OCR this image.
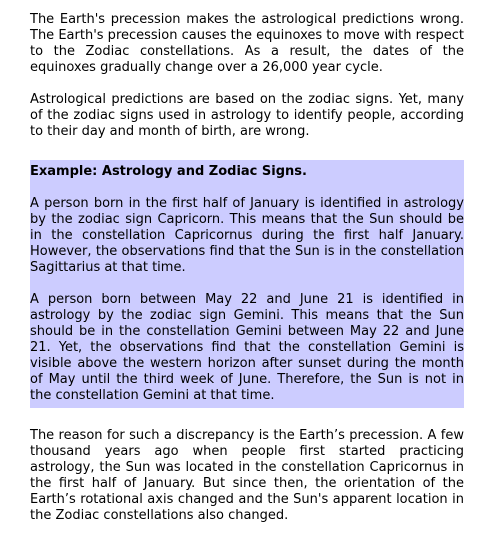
The Earth's precession makes the astrological predictions wrong. The Earth's precession causes the equinoxes to move with respect to the Zodiac constellations. As a result, the dates of the equinoxes gradually change over a 26,000 year cycle.

Astrological predictions are based on the zodiac signs. Yet, many of the zodiac signs used in astrology to identify people, according to their day and month of birth, are wrong.

Example: Astrology and Zodiac Signs.

A person born in the first half of January is identified in astrology by the zodiac sign Capricorn. This means that the Sun should be in the constellation Capricornus during the first half January. However, the observations find that the Sun is in the constellation Sagittarius at that time.

A person born between May 22 and June 21 is identified in astrology by the zodiac sign Gemini. This means that the Sun should be in the constellation Gemini between May 22 and June 21. Yet, the observations find that the constellation Gemini is visible above the western horizon after sunset during the month of May until the third week of June. Therefore, the Sun is not in the constellation Gemini at that time.

The reason for such a discrepancy is the Earth’s precession. A few thousand years ago when people first started practicing astrology, the Sun was located in the constellation Capricornus in the first half of January. But since then, the orientation of the Earth’s rotational axis changed and the Sun's apparent location in the Zodiac constellations also changed.
